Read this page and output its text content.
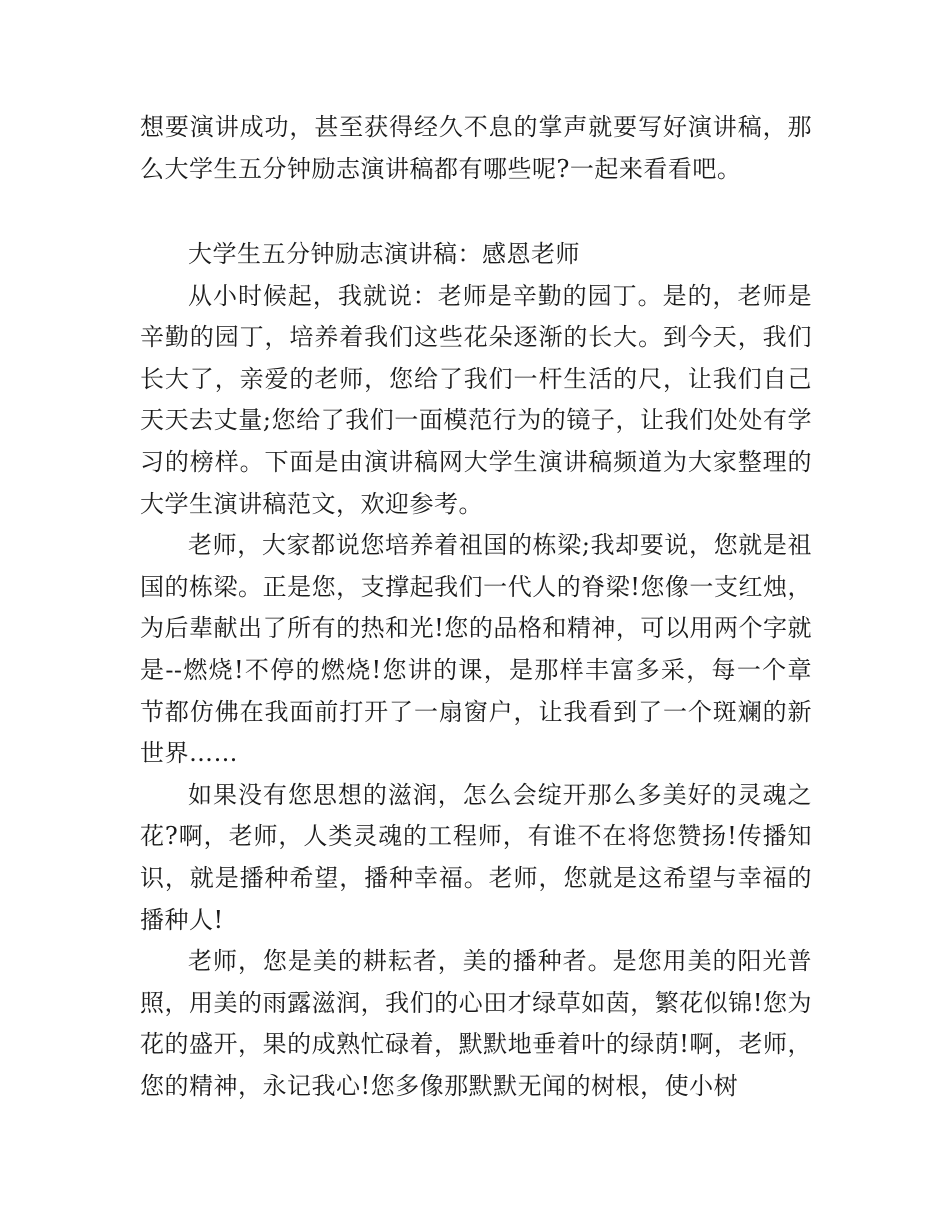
想要演讲成功，甚至获得经久不息的掌声就要写好演讲稿，那么大学生五分钟励志演讲稿都有哪些呢?一起来看看吧。

大学生五分钟励志演讲稿：感恩老师

从小时候起，我就说：老师是辛勤的园丁。是的，老师是辛勤的园丁，培养着我们这些花朵逐渐的长大。到今天，我们长大了，亲爱的老师，您给了我们一杆生活的尺，让我们自己天天去丈量;您给了我们一面模范行为的镜子，让我们处处有学习的榜样。下面是由演讲稿网大学生演讲稿频道为大家整理的大学生演讲稿范文，欢迎参考。

老师，大家都说您培养着祖国的栋梁;我却要说，您就是祖国的栋梁。正是您，支撑起我们一代人的脊梁!您像一支红烛，为后辈献出了所有的热和光!您的品格和精神，可以用两个字就是--燃烧!不停的燃烧!您讲的课，是那样丰富多采，每一个章节都仿佛在我面前打开了一扇窗户，让我看到了一个斑斓的新世界……

如果没有您思想的滋润，怎么会绽开那么多美好的灵魂之花?啊，老师，人类灵魂的工程师，有谁不在将您赞扬!传播知识，就是播种希望，播种幸福。老师，您就是这希望与幸福的播种人!

老师，您是美的耕耘者，美的播种者。是您用美的阳光普照，用美的雨露滋润，我们的心田才绿草如茵，繁花似锦!您为花的盛开，果的成熟忙碌着，默默地垂着叶的绿荫!啊，老师，您的精神，永记我心!您多像那默默无闻的树根，使小树
